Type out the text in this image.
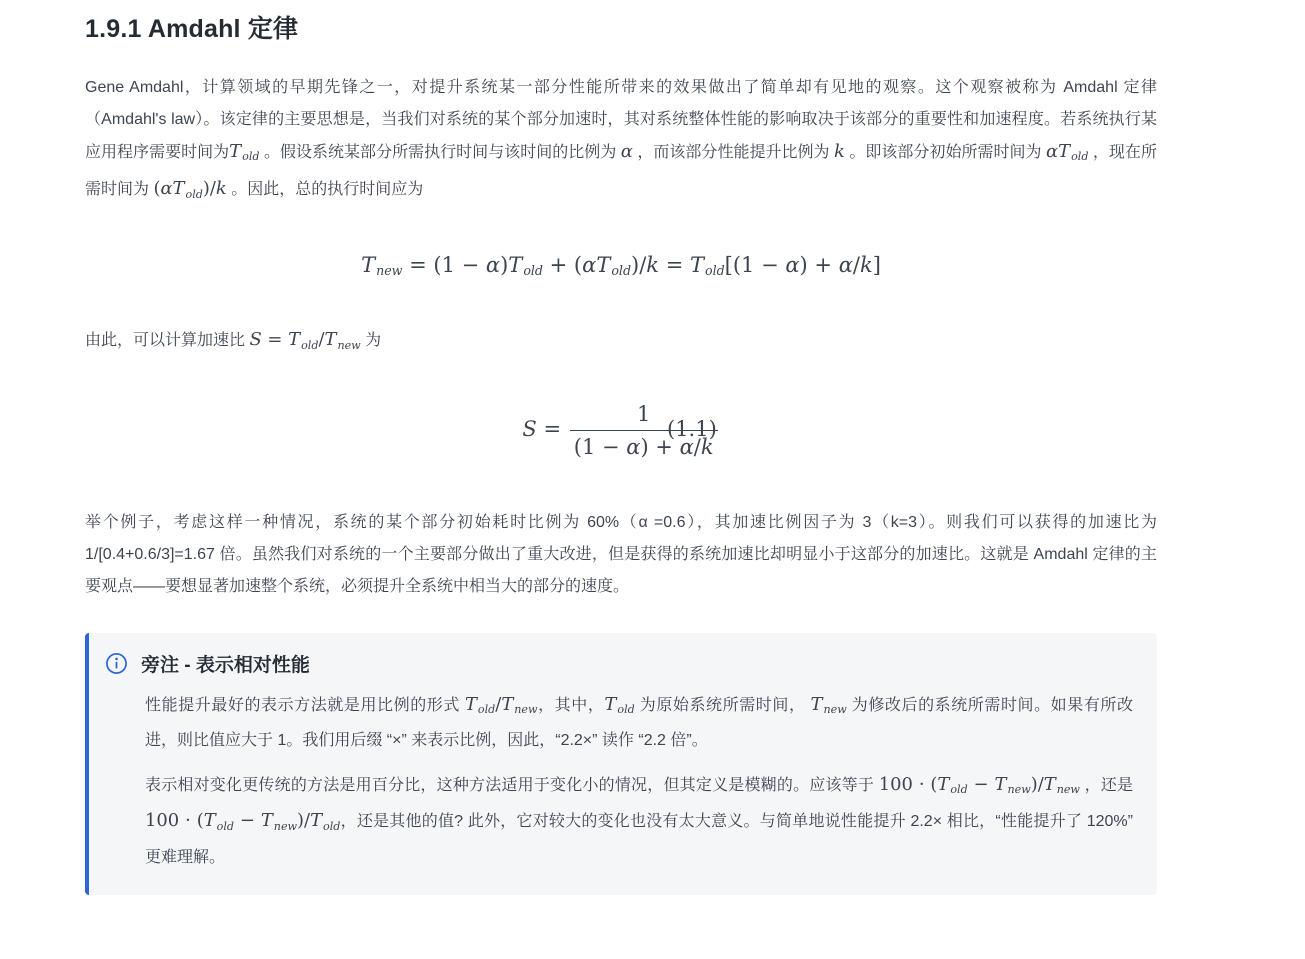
1.9.1 Amdahl 定律

Gene Amdahl，计算领域的早期先锋之一，对提升系统某一部分性能所带来的效果做出了简单却有见地的观察。这个观察被称为 Amdahl 定律（Amdahl's law）。该定律的主要思想是，当我们对系统的某个部分加速时，其对系统整体性能的影响取决于该部分的重要性和加速程度。若系统执行某应用程序需要时间为Told 。假设系统某部分所需执行时间与该时间的比例为 α ，而该部分性能提升比例为 k 。即该部分初始所需时间为 αTold ，现在所需时间为 (αTold)/k 。因此，总的执行时间应为

Tnew = (1 − α)Told + (αTold)/k = Told[(1 − α) + α/k]

由此，可以计算加速比 S = Told/Tnew 为

$S = \frac{1}{(1 - \alpha) + \alpha/k}$
(1.1)

举个例子，考虑这样一种情况，系统的某个部分初始耗时比例为 60%（α =0.6），其加速比例因子为 3（k=3）。则我们可以获得的加速比为 1/[0.4+0.6/3]=1.67 倍。虽然我们对系统的一个主要部分做出了重大改进，但是获得的系统加速比却明显小于这部分的加速比。这就是 Amdahl 定律的主要观点——要想显著加速整个系统，必须提升全系统中相当大的部分的速度。

旁注 - 表示相对性能

性能提升最好的表示方法就是用比例的形式 Told/Tnew，其中，Told 为原始系统所需时间， Tnew 为修改后的系统所需时间。如果有所改进，则比值应大于 1。我们用后缀 “×” 来表示比例，因此，“2.2×” 读作 “2.2 倍”。

表示相对变化更传统的方法是用百分比，这种方法适用于变化小的情况，但其定义是模糊的。应该等于 100 · (Told − Tnew)/Tnew ，还是 100 · (Told − Tnew)/Told，还是其他的值? 此外，它对较大的变化也没有太大意义。与简单地说性能提升 2.2× 相比，“性能提升了 120%” 更难理解。
